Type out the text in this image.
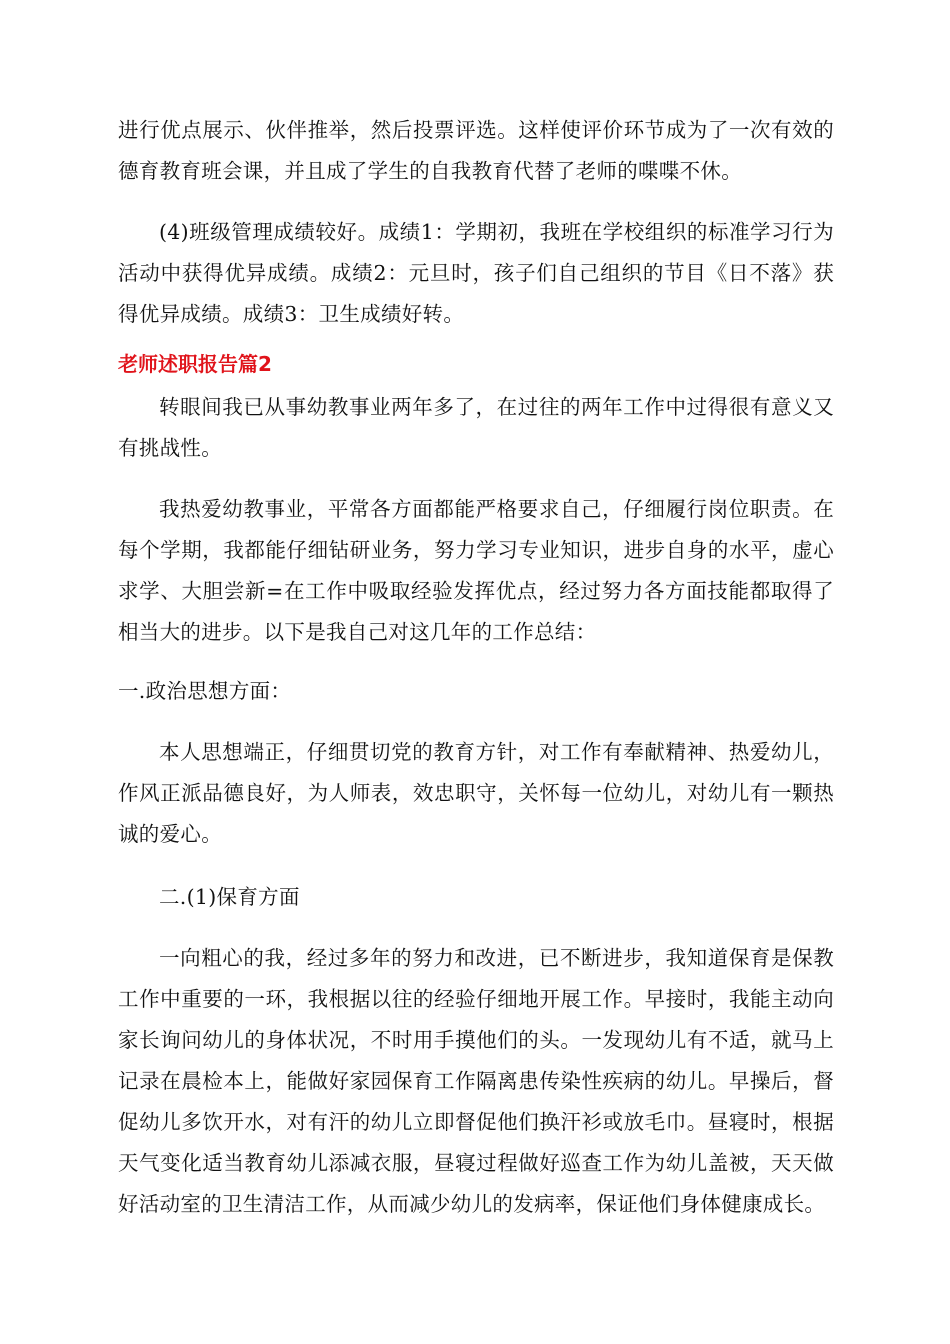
进行优点展示、伙伴推举，然后投票评选。这样使评价环节成为了一次有效的德育教育班会课，并且成了学生的自我教育代替了老师的喋喋不休。

(4)班级管理成绩较好。成绩1：学期初，我班在学校组织的标准学习行为活动中获得优异成绩。成绩2：元旦时，孩子们自己组织的节目《日不落》获得优异成绩。成绩3：卫生成绩好转。

老师述职报告篇2

转眼间我已从事幼教事业两年多了，在过往的两年工作中过得很有意义又有挑战性。

我热爱幼教事业，平常各方面都能严格要求自己，仔细履行岗位职责。在每个学期，我都能仔细钻研业务，努力学习专业知识，进步自身的水平，虚心求学、大胆尝新=在工作中吸取经验发挥优点，经过努力各方面技能都取得了相当大的进步。以下是我自己对这几年的工作总结：

一.政治思想方面：

本人思想端正，仔细贯切党的教育方针，对工作有奉献精神、热爱幼儿，作风正派品德良好，为人师表，效忠职守，关怀每一位幼儿，对幼儿有一颗热诚的爱心。

二.(1)保育方面

一向粗心的我，经过多年的努力和改进，已不断进步，我知道保育是保教工作中重要的一环，我根据以往的经验仔细地开展工作。早接时，我能主动向家长询问幼儿的身体状况，不时用手摸他们的头。一发现幼儿有不适，就马上记录在晨检本上，能做好家园保育工作隔离患传染性疾病的幼儿。早操后，督促幼儿多饮开水，对有汗的幼儿立即督促他们换汗衫或放毛巾。昼寝时，根据天气变化适当教育幼儿添减衣服，昼寝过程做好巡查工作为幼儿盖被，天天做好活动室的卫生清洁工作，从而减少幼儿的发病率，保证他们身体健康成长。
